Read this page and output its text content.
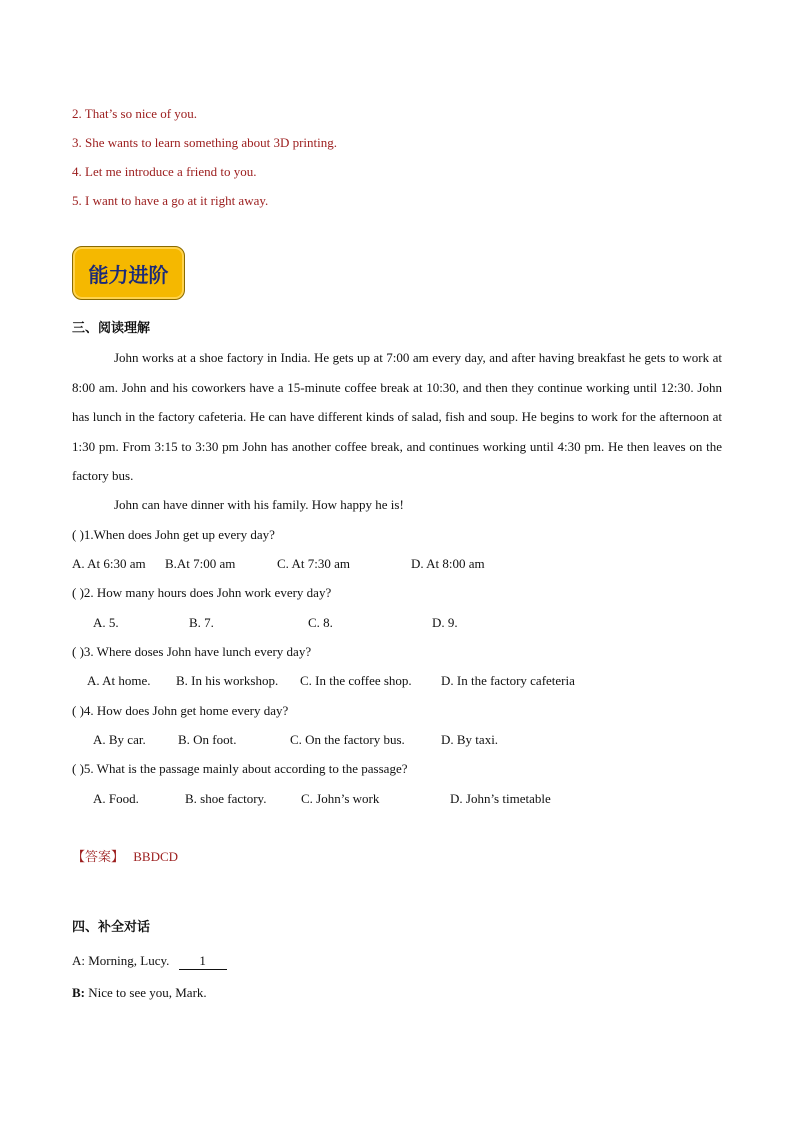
2. That’s so nice of you.
3. She wants to learn something about 3D printing.
4. Let me introduce a friend to you.
5. I want to have a go at it right away.
能力进阶
三、阅读理解
John works at a shoe factory in India. He gets up at 7:00 am every day, and after having breakfast he gets to work at 8:00 am. John and his coworkers have a 15-minute coffee break at 10:30, and then they continue working until 12:30. John has lunch in the factory cafeteria. He can have different kinds of salad, fish and soup. He begins to work for the afternoon at 1:30 pm. From 3:15 to 3:30 pm John has another coffee break, and continues working until 4:30 pm. He then leaves on the factory bus.
John can have dinner with his family. How happy he is!
( )1.When does John get up every day?
A. At 6:30 am B.At 7:00 am	C. At 7:30 am	D. At 8:00 am
( )2. How many hours does John work every day?
A. 5.	B. 7.	C. 8.	D. 9.
( )3. Where doses John have lunch every day?
A. At home. B. In his workshop. C. In the coffee shop. D. In the factory cafeteria
( )4. How does John get home every day?
A. By car. B. On foot.	C. On the factory bus.	D. By taxi.
( )5. What is the passage mainly about according to the passage?
A. Food.	B. shoe factory.	C. John’s work	D. John’s timetable
【答案】 BBDCD
四、补全对话
A: Morning, Lucy. 1
B: Nice to see you, Mark.
